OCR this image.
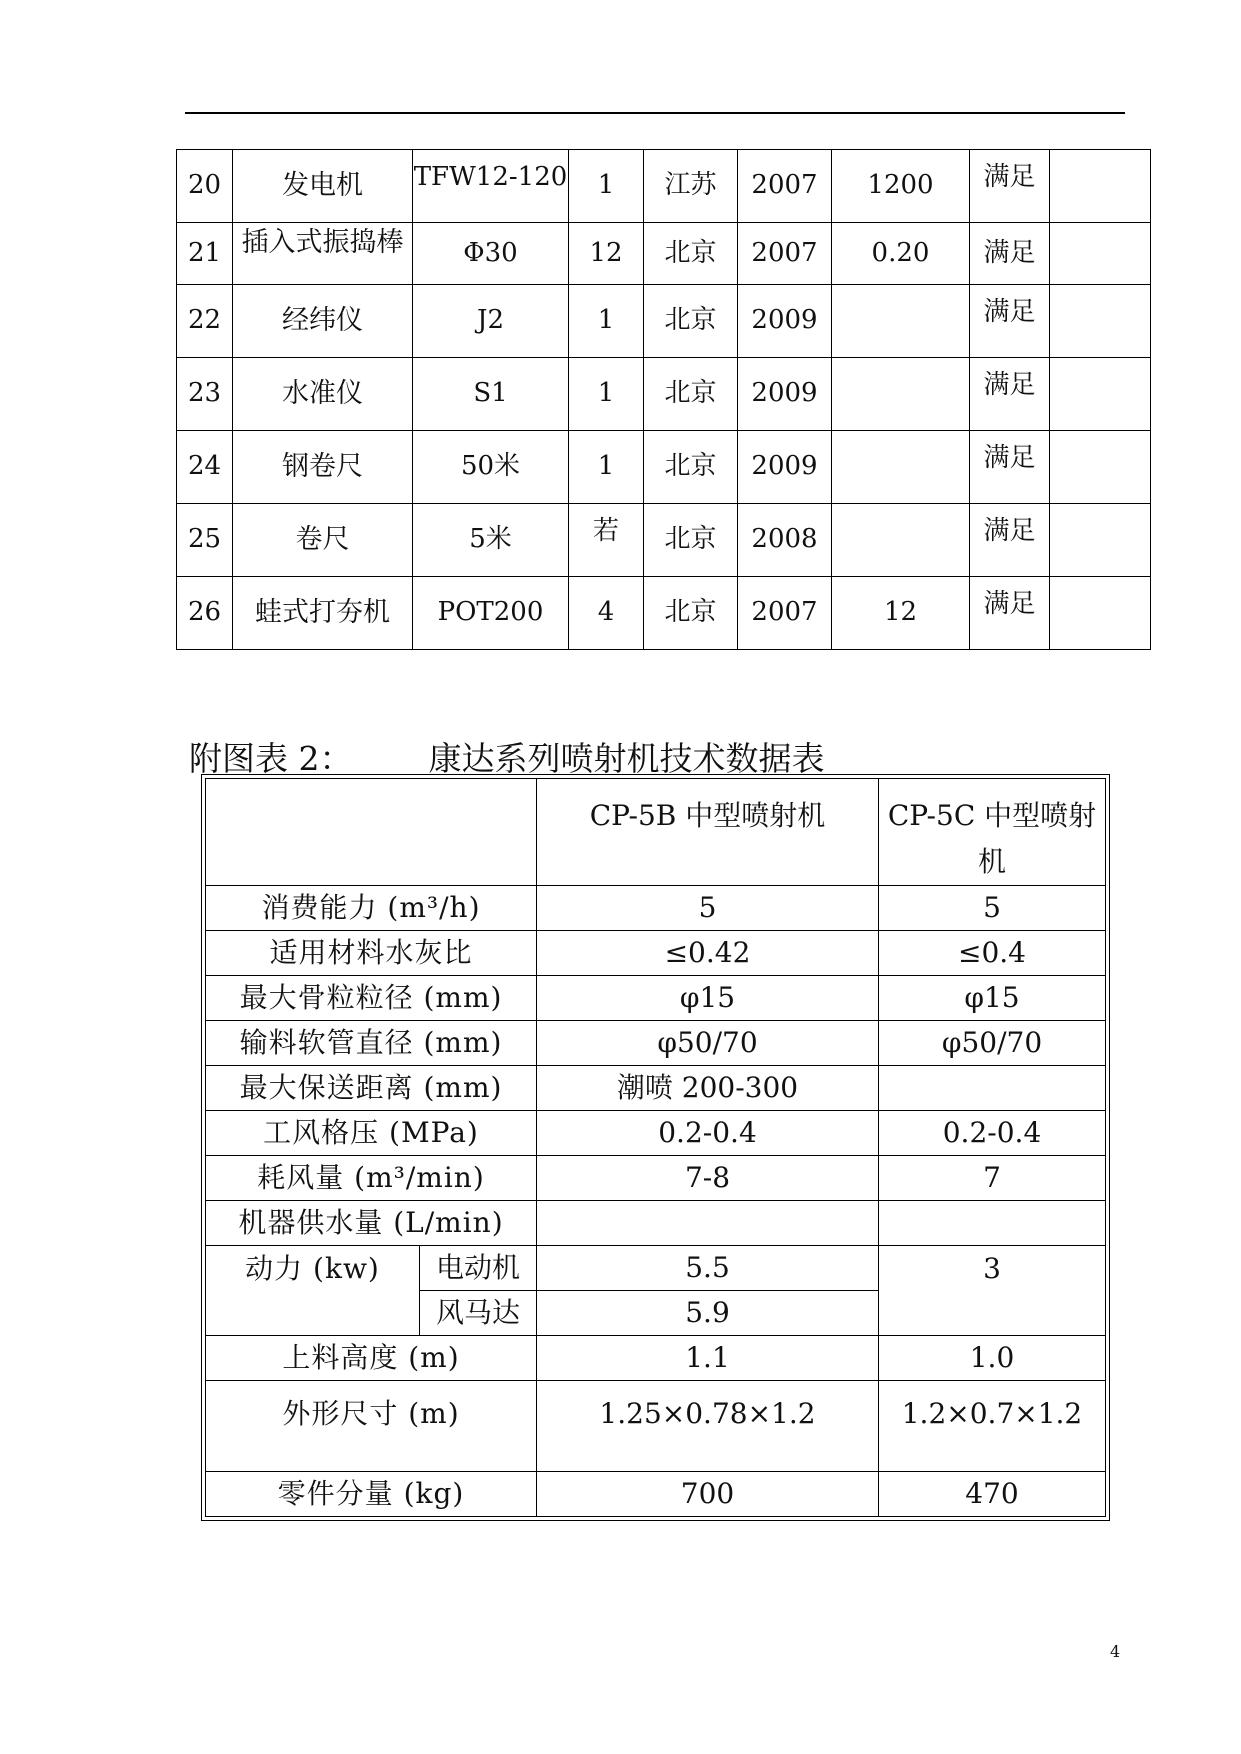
20	发电机	TFW12-120	1	江苏	2007	1200	满足	
21	插入式振捣棒	Φ30	12	北京	2007	0.20	满足	
22	经纬仪	J2	1	北京	2009		满足	
23	水准仪	S1	1	北京	2009		满足	
24	钢卷尺	50米	1	北京	2009		满足	
25	卷尺	5米	若	北京	2008		满足	
26	蛙式打夯机	POT200	4	北京	2007	12	满足	
附图表 2： 康达系列喷射机技术数据表
		CP-5B 中型喷射机	CP-5C 中型喷射机
消费能力 (m³/h)		5	5
适用材料水灰比		≤0.42	≤0.4
最大骨粒粒径 (mm)		φ15	φ15
输料软管直径 (mm)		φ50/70	φ50/70
最大保送距离 (mm)		潮喷 200-300	
工风格压 (MPa)		0.2-0.4	0.2-0.4
耗风量 (m³/min)		7-8	7
机器供水量 (L/min)			
动力 (kw)	电动机	5.5	3
	风马达	5.9	
上料高度 (m)		1.1	1.0
外形尺寸 (m)		1.25×0.78×1.2	1.2×0.7×1.2
零件分量 (kg)		700	470
4
